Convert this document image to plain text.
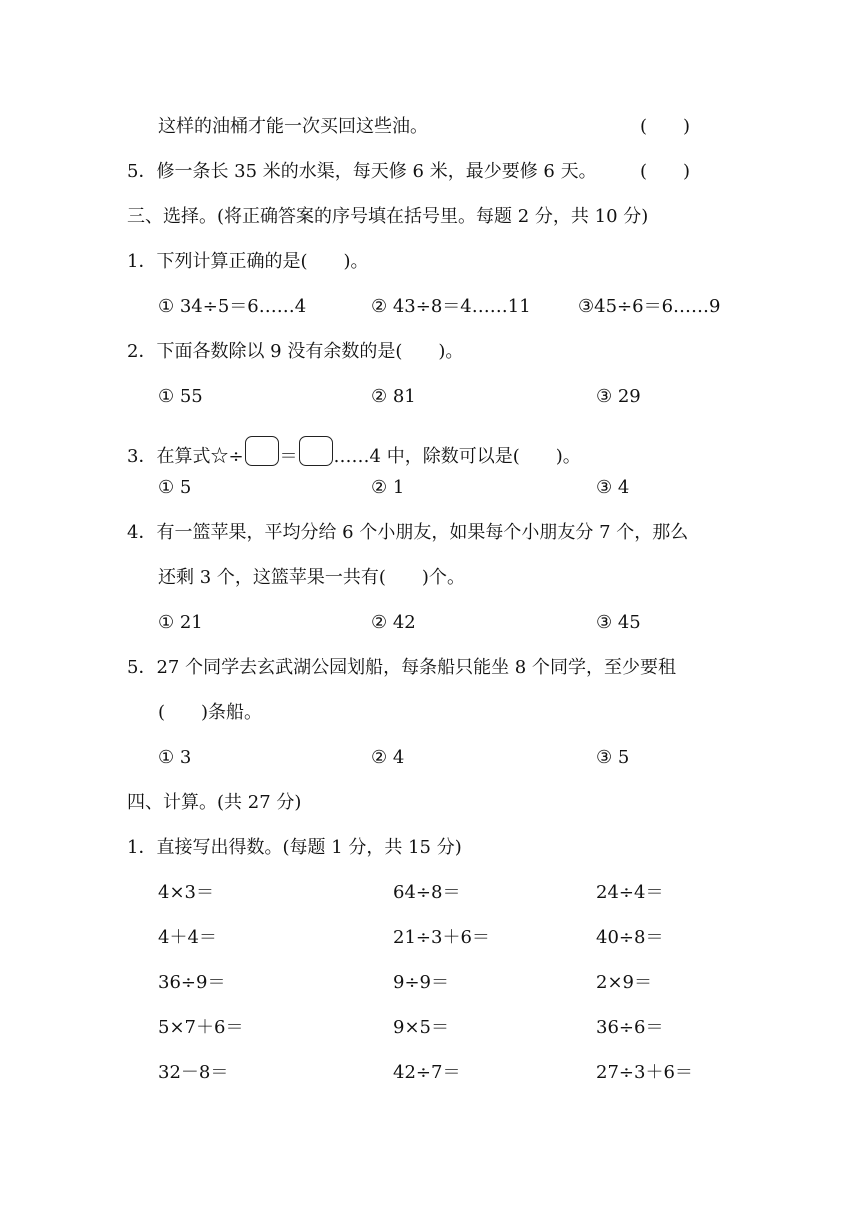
这样的油桶才能一次买回这些油。	(　　)
5．修一条长 35 米的水渠，每天修 6 米，最少要修 6 天。 (　　)
三、选择。(将正确答案的序号填在括号里。每题 2 分，共 10 分)
1．下列计算正确的是(　　)。
① 34÷5＝6……4	② 43÷8＝4……11	③45÷6＝6……9
2．下面各数除以 9 没有余数的是(　　)。
① 55	② 81	③ 29
3．在算式☆÷ ＝ ……4 中，除数可以是(　　)。
① 5	② 1	③ 4
4．有一篮苹果，平均分给 6 个小朋友，如果每个小朋友分 7 个，那么
还剩 3 个，这篮苹果一共有(　　)个。
① 21	② 42	③ 45
5．27 个同学去玄武湖公园划船，每条船只能坐 8 个同学，至少要租
(　　)条船。
① 3	② 4	③ 5
四、计算。(共 27 分)
1．直接写出得数。(每题 1 分，共 15 分)
4×3＝	64÷8＝	24÷4＝
4＋4＝	21÷3＋6＝	40÷8＝
36÷9＝	9÷9＝	2×9＝
5×7＋6＝	9×5＝	36÷6＝
32－8＝	42÷7＝	27÷3＋6＝
